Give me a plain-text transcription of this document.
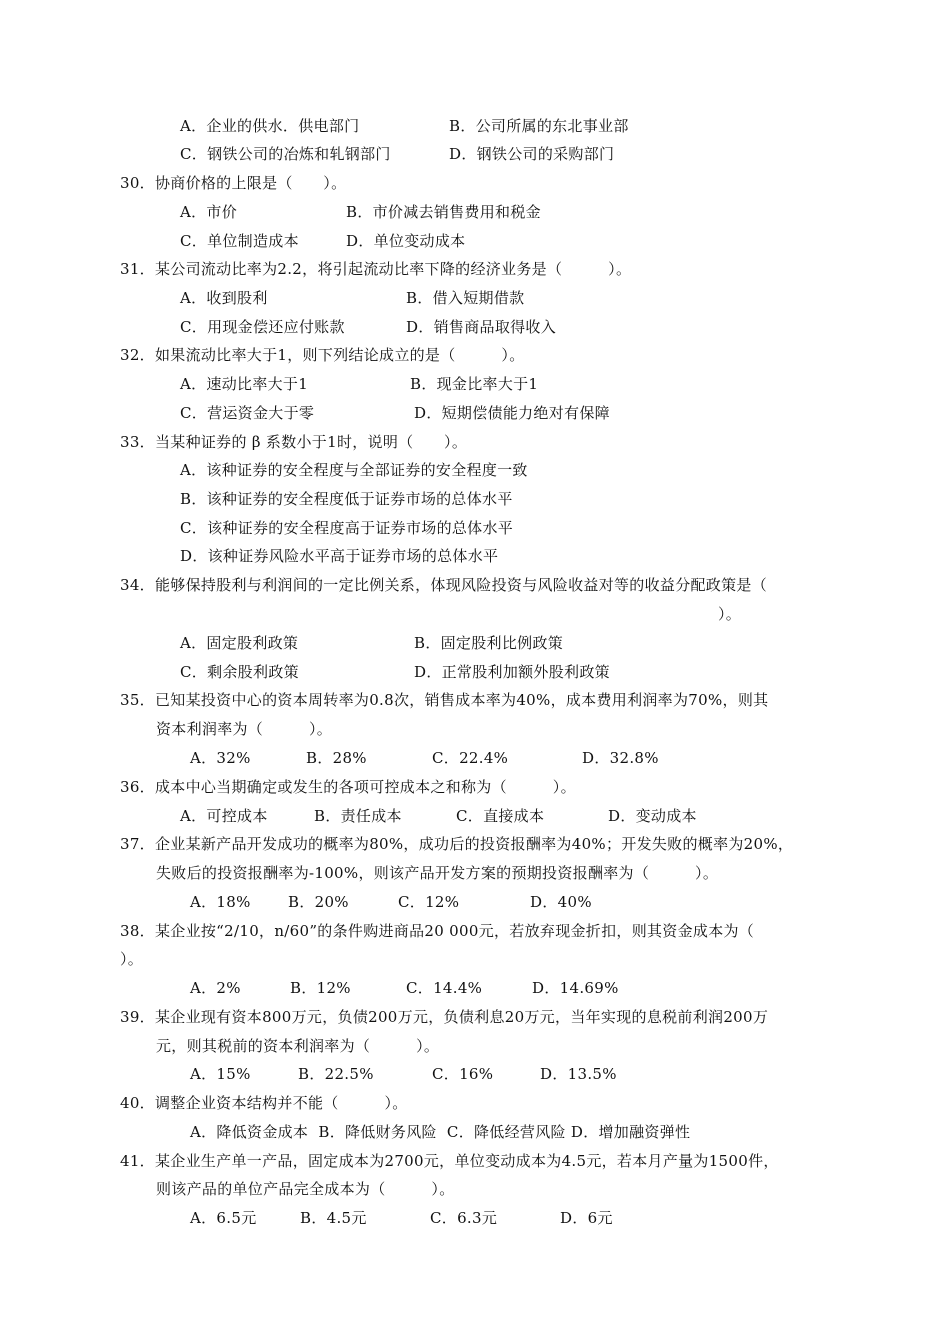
A．企业的供水．供电部门	B．公司所属的东北事业部
C．钢铁公司的冶炼和轧钢部门	D．钢铁公司的采购部门
30．协商价格的上限是（　　）。
A．市价	B．市价减去销售费用和税金
C．单位制造成本	D．单位变动成本
31．某公司流动比率为2.2，将引起流动比率下降的经济业务是（　　　）。
A．收到股利	B．借入短期借款
C．用现金偿还应付账款	D．销售商品取得收入
32．如果流动比率大于1，则下列结论成立的是（　　　）。
A．速动比率大于1	B．现金比率大于1
C．营运资金大于零	D．短期偿债能力绝对有保障
33．当某种证券的 β 系数小于1时，说明（　　）。
A．该种证券的安全程度与全部证券的安全程度一致
B．该种证券的安全程度低于证券市场的总体水平
C．该种证券的安全程度高于证券市场的总体水平
D．该种证券风险水平高于证券市场的总体水平
34．能够保持股利与利润间的一定比例关系，体现风险投资与风险收益对等的收益分配政策是（
）。
A．固定股利政策	B．固定股利比例政策
C．剩余股利政策	D．正常股利加额外股利政策
35．已知某投资中心的资本周转率为0.8次，销售成本率为40%，成本费用利润率为70%，则其
资本利润率为（　　　）。
A．32%	B．28%	C．22.4%	D．32.8%
36．成本中心当期确定或发生的各项可控成本之和称为（　　　）。
A．可控成本	B．责任成本	C．直接成本	D．变动成本
37．企业某新产品开发成功的概率为80%，成功后的投资报酬率为40%；开发失败的概率为20%，
失败后的投资报酬率为-100%，则该产品开发方案的预期投资报酬率为（　　　）。
A．18% B．20%	C．12%	D．40%
38．某企业按“2/10，n/60”的条件购进商品20 000元，若放弃现金折扣，则其资金成本为（
）。
A．2%	B．12%	C．14.4%	D．14.69%
39．某企业现有资本800万元，负债200万元，负债利息20万元，当年实现的息税前利润200万
元，则其税前的资本利润率为（　　　）。
A．15%	B．22.5%	C．16%	D．13.5%
40．调整企业资本结构并不能（　　　）。
A．降低资金成本  B．降低财务风险  C．降低经营风险 D．增加融资弹性
41．某企业生产单一产品，固定成本为2700元，单位变动成本为4.5元，若本月产量为1500件，
则该产品的单位产品完全成本为（　　　）。
A．6.5元	B．4.5元	C．6.3元	D．6元
